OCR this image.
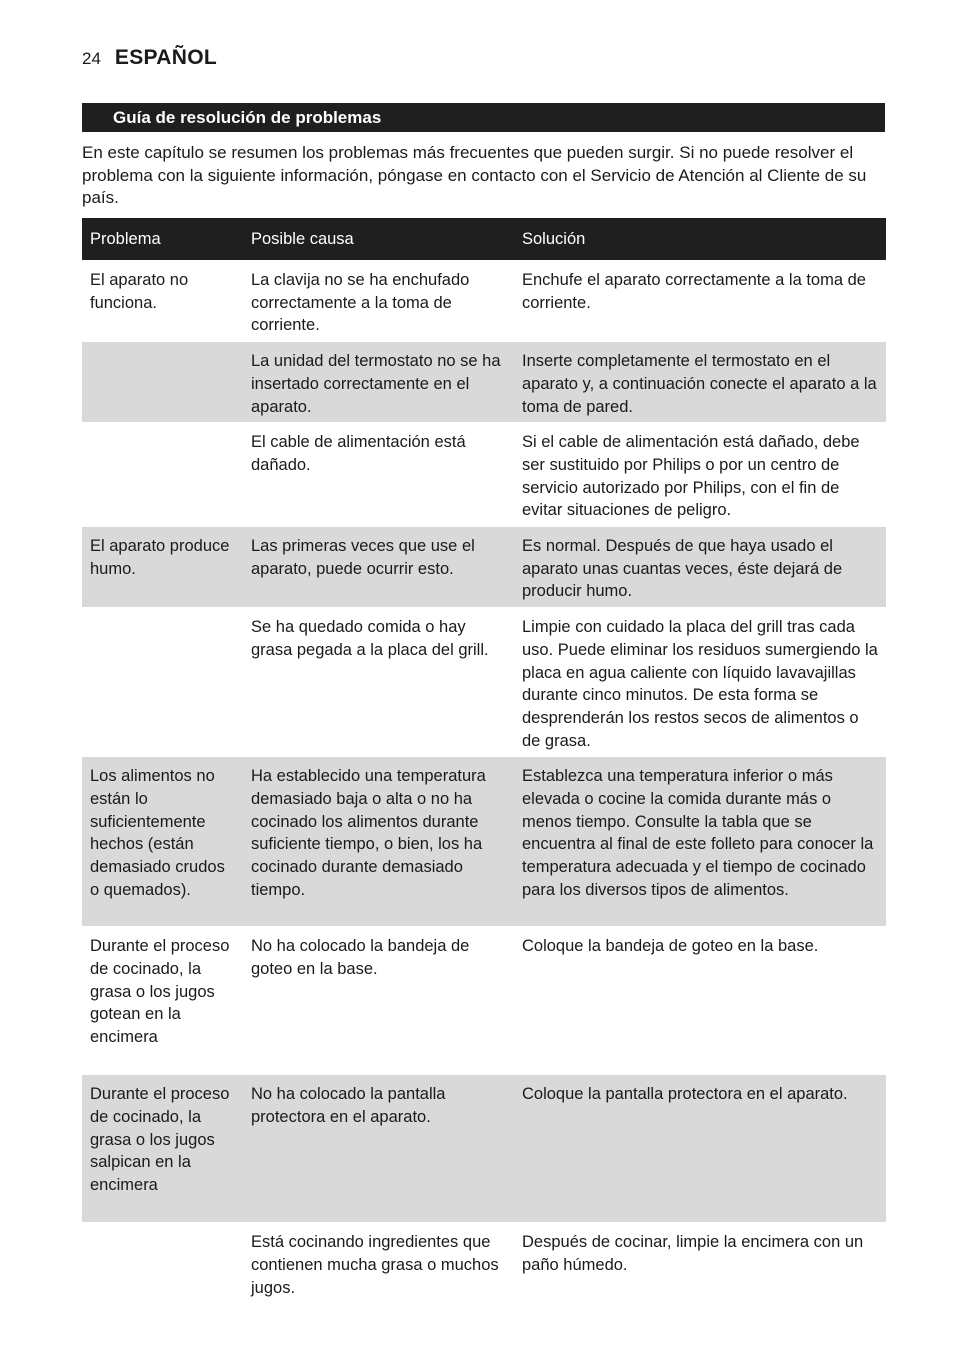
24 ESPAÑOL
Guía de resolución de problemas

En este capítulo se resumen los problemas más frecuentes que pueden surgir. Si no puede resolver el problema con la siguiente información, póngase en contacto con el Servicio de Atención al Cliente de su país.

Problema	Posible causa	Solución
El aparato no funciona.	La clavija no se ha enchufado correctamente a la toma de corriente.	Enchufe el aparato correctamente a la toma de corriente.
	La unidad del termostato no se ha insertado correctamente en el aparato.	Inserte completamente el termostato en el aparato y, a continuación conecte el aparato a la toma de pared.
	El cable de alimentación está dañado.	Si el cable de alimentación está dañado, debe ser sustituido por Philips o por un centro de servicio autorizado por Philips, con el fin de evitar situaciones de peligro.
El aparato produce humo.	Las primeras veces que use el aparato, puede ocurrir esto.	Es normal. Después de que haya usado el aparato unas cuantas veces, éste dejará de producir humo.
	Se ha quedado comida o hay grasa pegada a la placa del grill.	Limpie con cuidado la placa del grill tras cada uso. Puede eliminar los residuos sumergiendo la placa en agua caliente con líquido lavavajillas durante cinco minutos. De esta forma se desprenderán los restos secos de alimentos o de grasa.
Los alimentos no están lo suficientemente hechos (están demasiado crudos o quemados).	Ha establecido una temperatura demasiado baja o alta o no ha cocinado los alimentos durante suficiente tiempo, o bien, los ha cocinado durante demasiado tiempo.	Establezca una temperatura inferior o más elevada o cocine la comida durante más o menos tiempo. Consulte la tabla que se encuentra al final de este folleto para conocer la temperatura adecuada y el tiempo de cocinado para los diversos tipos de alimentos.
Durante el proceso de cocinado, la grasa o los jugos gotean en la encimera	No ha colocado la bandeja de goteo en la base.	Coloque la bandeja de goteo en la base.
Durante el proceso de cocinado, la grasa o los jugos salpican en la encimera	No ha colocado la pantalla protectora en el aparato.	Coloque la pantalla protectora en el aparato.
	Está cocinando ingredientes que contienen mucha grasa o muchos jugos.	Después de cocinar, limpie la encimera con un paño húmedo.
